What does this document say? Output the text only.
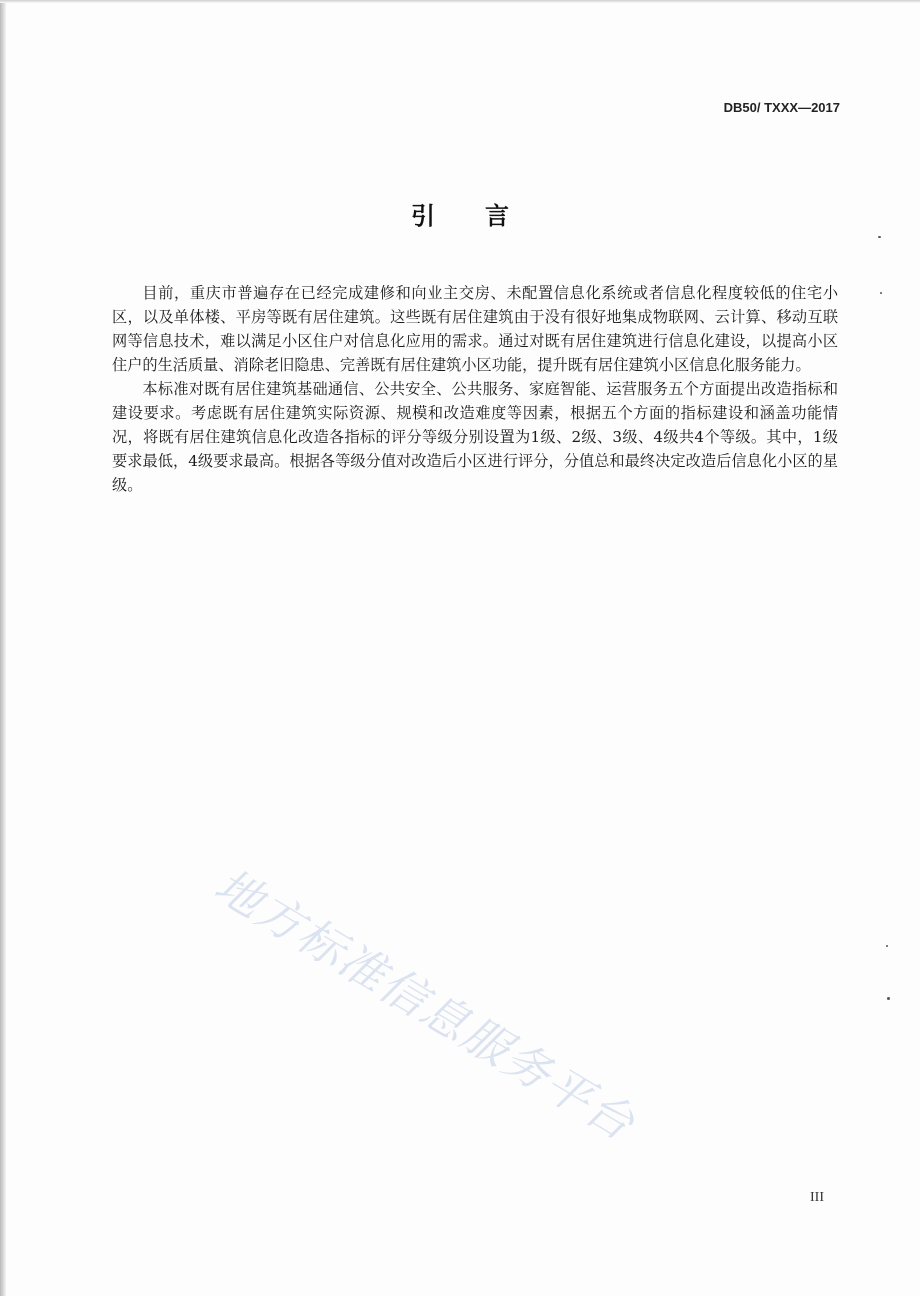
DB50/ TXXX—2017
引言

目前，重庆市普遍存在已经完成建修和向业主交房、未配置信息化系统或者信息化程度较低的住宅小区，以及单体楼、平房等既有居住建筑。这些既有居住建筑由于没有很好地集成物联网、云计算、移动互联网等信息技术，难以满足小区住户对信息化应用的需求。通过对既有居住建筑进行信息化建设，以提高小区住户的生活质量、消除老旧隐患、完善既有居住建筑小区功能，提升既有居住建筑小区信息化服务能力。

本标准对既有居住建筑基础通信、公共安全、公共服务、家庭智能、运营服务五个方面提出改造指标和建设要求。考虑既有居住建筑实际资源、规模和改造难度等因素，根据五个方面的指标建设和涵盖功能情况，将既有居住建筑信息化改造各指标的评分等级分别设置为1级、2级、3级、4级共4个等级。其中，1级要求最低，4级要求最高。根据各等级分值对改造后小区进行评分，分值总和最终决定改造后信息化小区的星级。

地方标准信息服务平台
III
